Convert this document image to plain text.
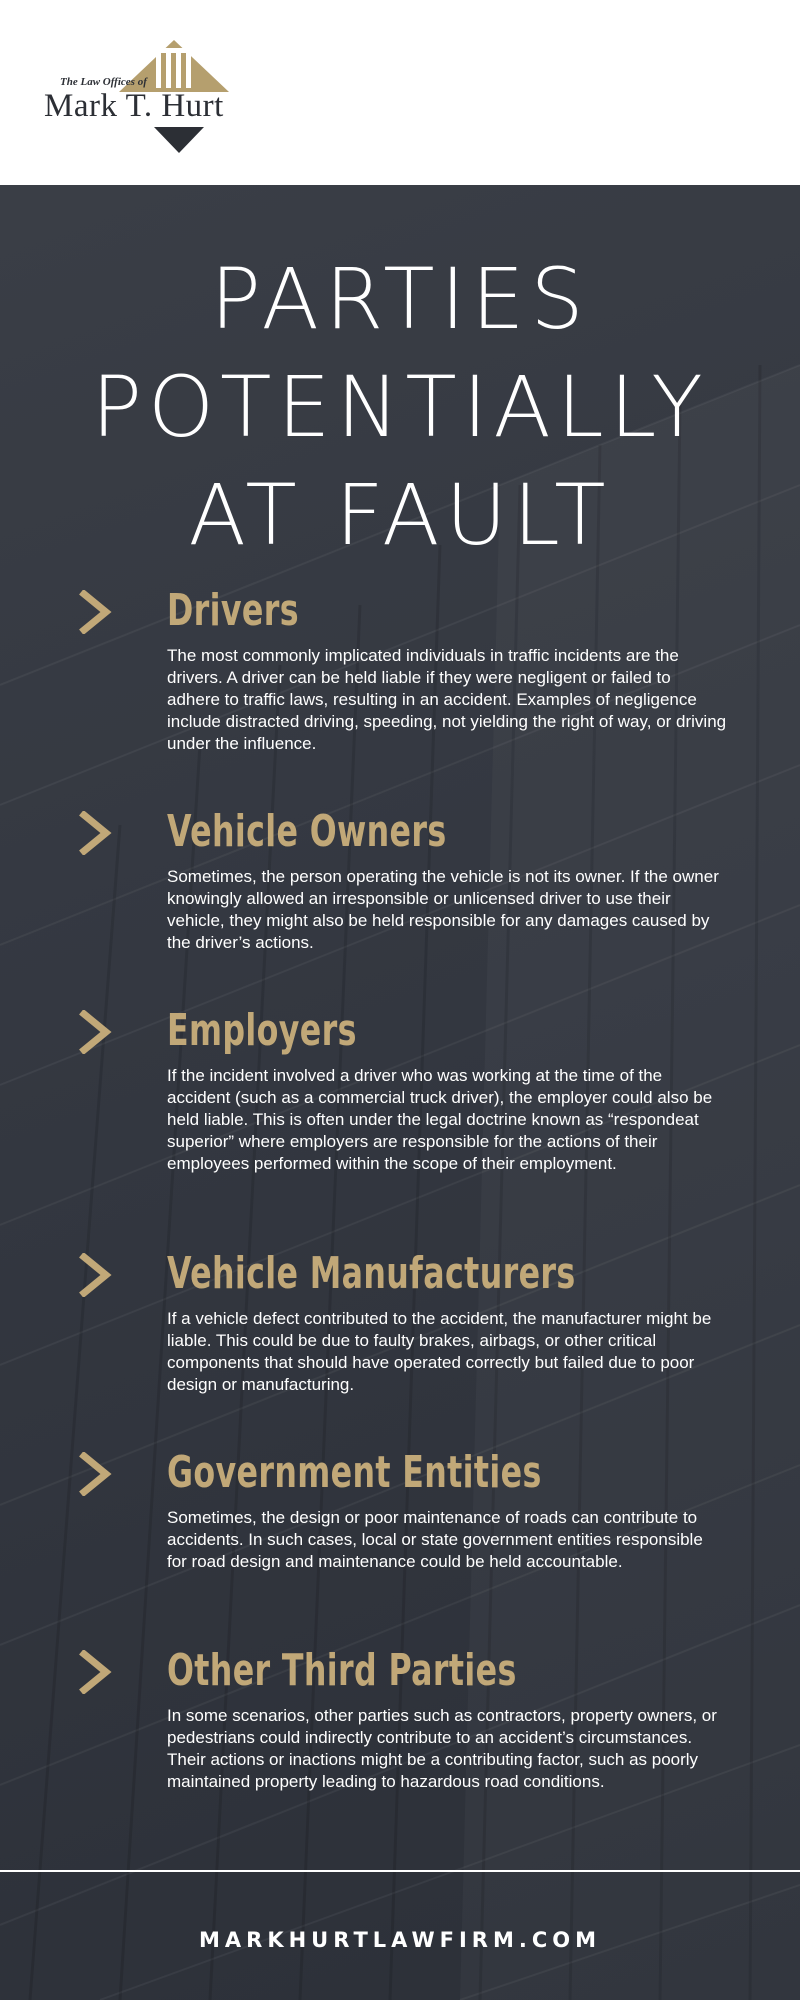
The Law Offices of
Mark T. Hurt
PARTIES
POTENTIALLY
AT FAULT
Drivers
The most commonly implicated individuals in traffic incidents are the drivers. A driver can be held liable if they were negligent or failed to adhere to traffic laws, resulting in an accident. Examples of negligence include distracted driving, speeding, not yielding the right of way, or driving under the influence.
Vehicle Owners
Sometimes, the person operating the vehicle is not its owner. If the owner knowingly allowed an irresponsible or unlicensed driver to use their vehicle, they might also be held responsible for any damages caused by the driver’s actions.
Employers
If the incident involved a driver who was working at the time of the accident (such as a commercial truck driver), the employer could also be held liable. This is often under the legal doctrine known as “respondeat superior” where employers are responsible for the actions of their employees performed within the scope of their employment.
Vehicle Manufacturers
If a vehicle defect contributed to the accident, the manufacturer might be liable. This could be due to faulty brakes, airbags, or other critical components that should have operated correctly but failed due to poor design or manufacturing.
Government Entities
Sometimes, the design or poor maintenance of roads can contribute to accidents. In such cases, local or state government entities responsible for road design and maintenance could be held accountable.
Other Third Parties
In some scenarios, other parties such as contractors, property owners, or pedestrians could indirectly contribute to an accident’s circumstances. Their actions or inactions might be a contributing factor, such as poorly maintained property leading to hazardous road conditions.
MARKHURTLAWFIRM.COM
